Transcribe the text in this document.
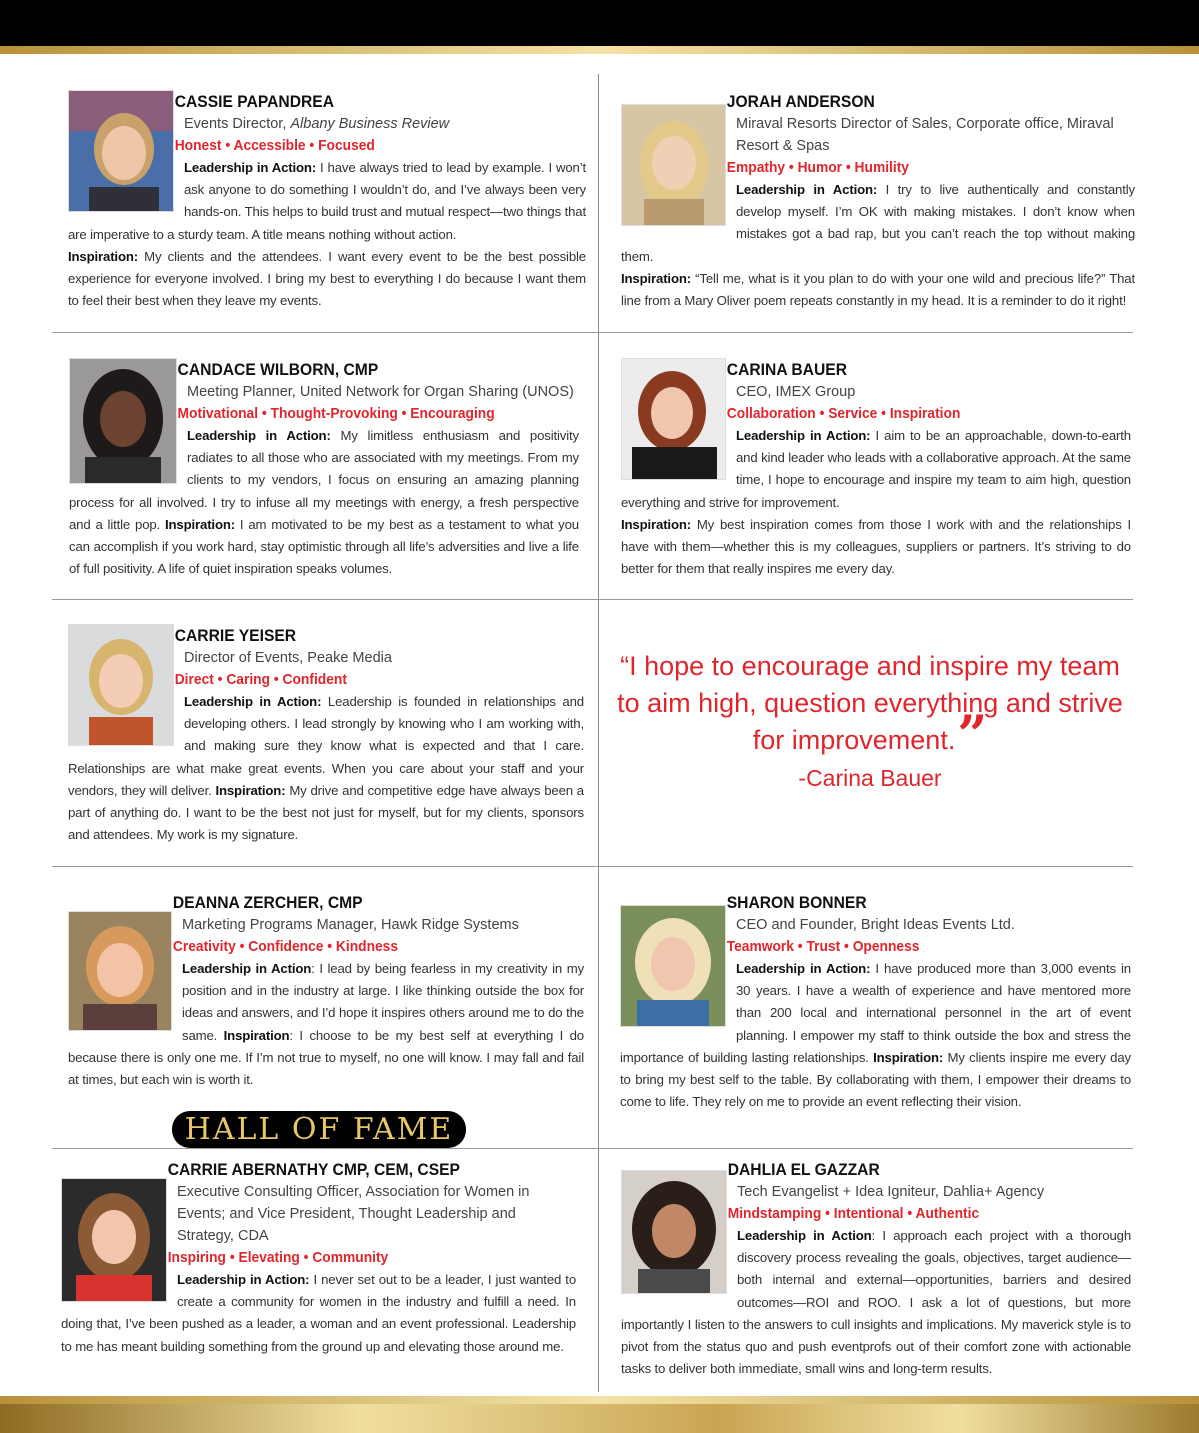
CASSIE PAPANDREA
Events Director, Albany Business Review
Honest • Accessible • Focused
Leadership in Action: I have always tried to lead by example. I won’t ask anyone to do something I wouldn’t do, and I’ve always been very hands-on. This helps to build trust and mutual respect—two things that are imperative to a sturdy team. A title means nothing without action.
Inspiration: My clients and the attendees. I want every event to be the best possible experience for everyone involved. I bring my best to everything I do because I want them to feel their best when they leave my events.
JORAH ANDERSON
Miraval Resorts Director of Sales, Corporate office, Miraval Resort & Spas
Empathy • Humor • Humility
Leadership in Action: I try to live authentically and constantly develop myself. I’m OK with making mistakes. I don’t know when mistakes got a bad rap, but you can’t reach the top without making them.
Inspiration: “Tell me, what is it you plan to do with your one wild and precious life?” That line from a Mary Oliver poem repeats constantly in my head. It is a reminder to do it right!
CANDACE WILBORN, CMP
Meeting Planner, United Network for Organ Sharing (UNOS)
Motivational • Thought-Provoking • Encouraging
Leadership in Action: My limitless enthusiasm and positivity radiates to all those who are associated with my meetings. From my clients to my vendors, I focus on ensuring an amazing planning process for all involved. I try to infuse all my meetings with energy, a fresh perspective and a little pop. Inspiration: I am motivated to be my best as a testament to what you can accomplish if you work hard, stay optimistic through all life’s adversities and live a life of full positivity. A life of quiet inspiration speaks volumes.
CARINA BAUER
CEO, IMEX Group
Collaboration • Service • Inspiration
Leadership in Action: I aim to be an approachable, down-to-earth and kind leader who leads with a collaborative approach. At the same time, I hope to encourage and inspire my team to aim high, question everything and strive for improvement.
Inspiration: My best inspiration comes from those I work with and the relationships I have with them—whether this is my colleagues, suppliers or partners. It’s striving to do better for them that really inspires me every day.
CARRIE YEISER
Director of Events, Peake Media
Direct • Caring • Confident
Leadership in Action: Leadership is founded in relationships and developing others. I lead strongly by knowing who I am working with, and making sure they know what is expected and that I care. Relationships are what make great events. When you care about your staff and your vendors, they will deliver. Inspiration: My drive and competitive edge have always been a part of anything do. I want to be the best not just for myself, but for my clients, sponsors and attendees. My work is my signature.
“I hope to encourage and inspire my team to aim high, question everything and strive for improvement.”
-Carina Bauer
DEANNA ZERCHER, CMP
Marketing Programs Manager, Hawk Ridge Systems
Creativity • Confidence • Kindness
Leadership in Action: I lead by being fearless in my creativity in my position and in the industry at large. I like thinking outside the box for ideas and answers, and I’d hope it inspires others around me to do the same. Inspiration: I choose to be my best self at everything I do because there is only one me. If I’m not true to myself, no one will know. I may fall and fail at times, but each win is worth it.
SHARON BONNER
CEO and Founder, Bright Ideas Events Ltd.
Teamwork • Trust • Openness
Leadership in Action: I have produced more than 3,000 events in 30 years. I have a wealth of experience and have mentored more than 200 local and international personnel in the art of event planning. I empower my staff to think outside the box and stress the importance of building lasting relationships. Inspiration: My clients inspire me every day to bring my best self to the table. By collaborating with them, I empower their dreams to come to life. They rely on me to provide an event reflecting their vision.
HALL OF FAME
CARRIE ABERNATHY CMP, CEM, CSEP
Executive Consulting Officer, Association for Women in Events; and Vice President, Thought Leadership and Strategy, CDA
Inspiring • Elevating • Community
Leadership in Action: I never set out to be a leader, I just wanted to create a community for women in the industry and fulfill a need. In doing that, I’ve been pushed as a leader, a woman and an event professional. Leadership to me has meant building something from the ground up and elevating those around me.
DAHLIA EL GAZZAR
Tech Evangelist + Idea Igniteur, Dahlia+ Agency
Mindstamping • Intentional • Authentic
Leadership in Action: I approach each project with a thorough discovery process revealing the goals, objectives, target audience—both internal and external—opportunities, barriers and desired outcomes—ROI and ROO. I ask a lot of questions, but more importantly I listen to the answers to cull insights and implications. My maverick style is to pivot from the status quo and push eventprofs out of their comfort zone with actionable tasks to deliver both immediate, small wins and long-term results.
